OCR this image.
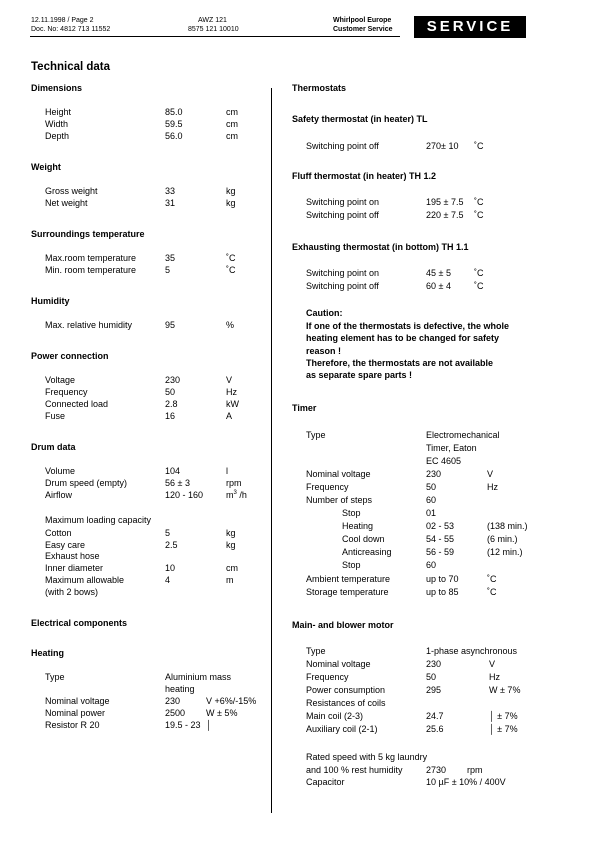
12.11.1998 / Page 2
Doc. No: 4812 713 11552
AWZ 121
8575 121 10010
Whirlpool Europe
Customer Service	SERVICE
Technical data
Dimensions
Height	85.0	cm
Width	59.5	cm
Depth	56.0	cm
Weight
Gross weight	33	kg
Net weight	31	kg
Surroundings temperature
Max.room temperature	35	˚C
Min. room temperature	5	˚C
Humidity
Max. relative humidity	95	%
Power connection
Voltage	230	V
Frequency	50	Hz
Connected load	2.8	kW
Fuse	16	A
Drum data
Volume	104	l
Drum speed (empty)	56 ± 3	rpm
Airflow	120 - 160	$m^3$ /h
Maximum loading capacity
Cotton	5	kg
Easy care	2.5	kg
Exhaust hose
Inner diameter	10	cm
Maximum allowable	4	m
(with 2 bows)
Electrical components
Heating
Type	Aluminium mass
heating
Nominal voltage	230	V +6%/-15%
Nominal power	2500 W ± 5%
Resistor R 20	19.5 - 23 │
Thermostats
Safety thermostat (in heater) TL
Switching point off	270± 10 ˚C
Fluff thermostat (in heater) TH 1.2
Switching point on	195 ± 7.5 ˚C
Switching point off	220 ± 7.5 ˚C
Exhausting thermostat (in bottom) TH 1.1
Switching point on	45 ± 5	˚C
Switching point off	60 ± 4	˚C
Caution:
If one of the thermostats is defective, the whole
heating element has to be changed for safety
reason !
Therefore, the thermostats are not available
as separate spare parts !
Timer
Type	Electromechanical
Timer, Eaton
EC 4605
Nominal voltage	230	V
Frequency	50	Hz
Number of steps	60
Stop	01
Heating	02 - 53	(138 min.)
Cool down	54 - 55	(6 min.)
Anticreasing	56 - 59	(12 min.)
Stop	60
Ambient temperature	up to 70	˚C
Storage temperature	up to 85	˚C
Main- and blower motor
Type	1-phase asynchronous
Nominal voltage	230	V
Frequency	50	Hz
Power consumption	295	W ± 7%
Resistances of coils
Main coil (2-3)	24.7	│ ± 7%
Auxiliary coil (2-1)	25.6	│ ± 7%
Rated speed with 5 kg laundry
and 100 % rest humidity	2730 rpm
Capacitor	10 µF ± 10% / 400V
